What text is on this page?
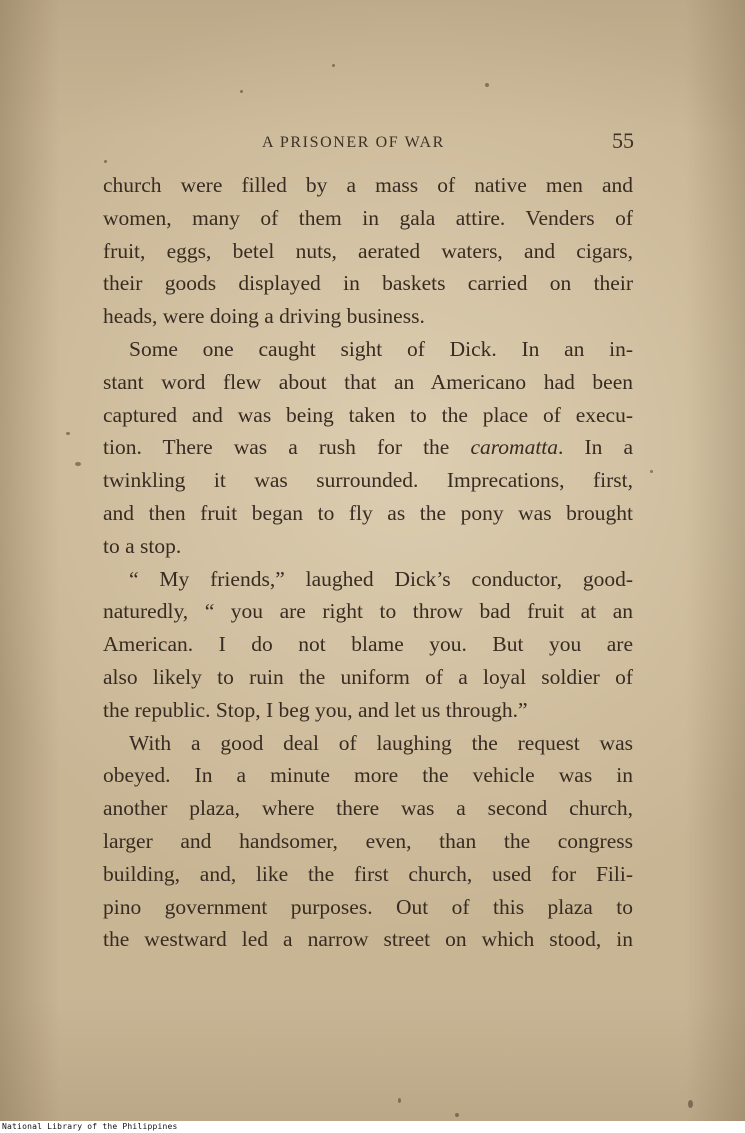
A PRISONER OF WAR	55
church were filled by a mass of native men and
women, many of them in gala attire. Venders of
fruit, eggs, betel nuts, aerated waters, and cigars,
their goods displayed in baskets carried on their
heads, were doing a driving business.
Some one caught sight of Dick. In an in-
stant word flew about that an Americano had been
captured and was being taken to the place of execu-
tion. There was a rush for the caromatta. In a
twinkling it was surrounded. Imprecations, first,
and then fruit began to fly as the pony was brought
to a stop.
“ My friends,” laughed Dick’s conductor, good-
naturedly, “ you are right to throw bad fruit at an
American. I do not blame you. But you are
also likely to ruin the uniform of a loyal soldier of
the republic. Stop, I beg you, and let us through.”
With a good deal of laughing the request was
obeyed. In a minute more the vehicle was in
another plaza, where there was a second church,
larger and handsomer, even, than the congress
building, and, like the first church, used for Fili-
pino government purposes. Out of this plaza to
the westward led a narrow street on which stood, in
National Library of the Philippines
